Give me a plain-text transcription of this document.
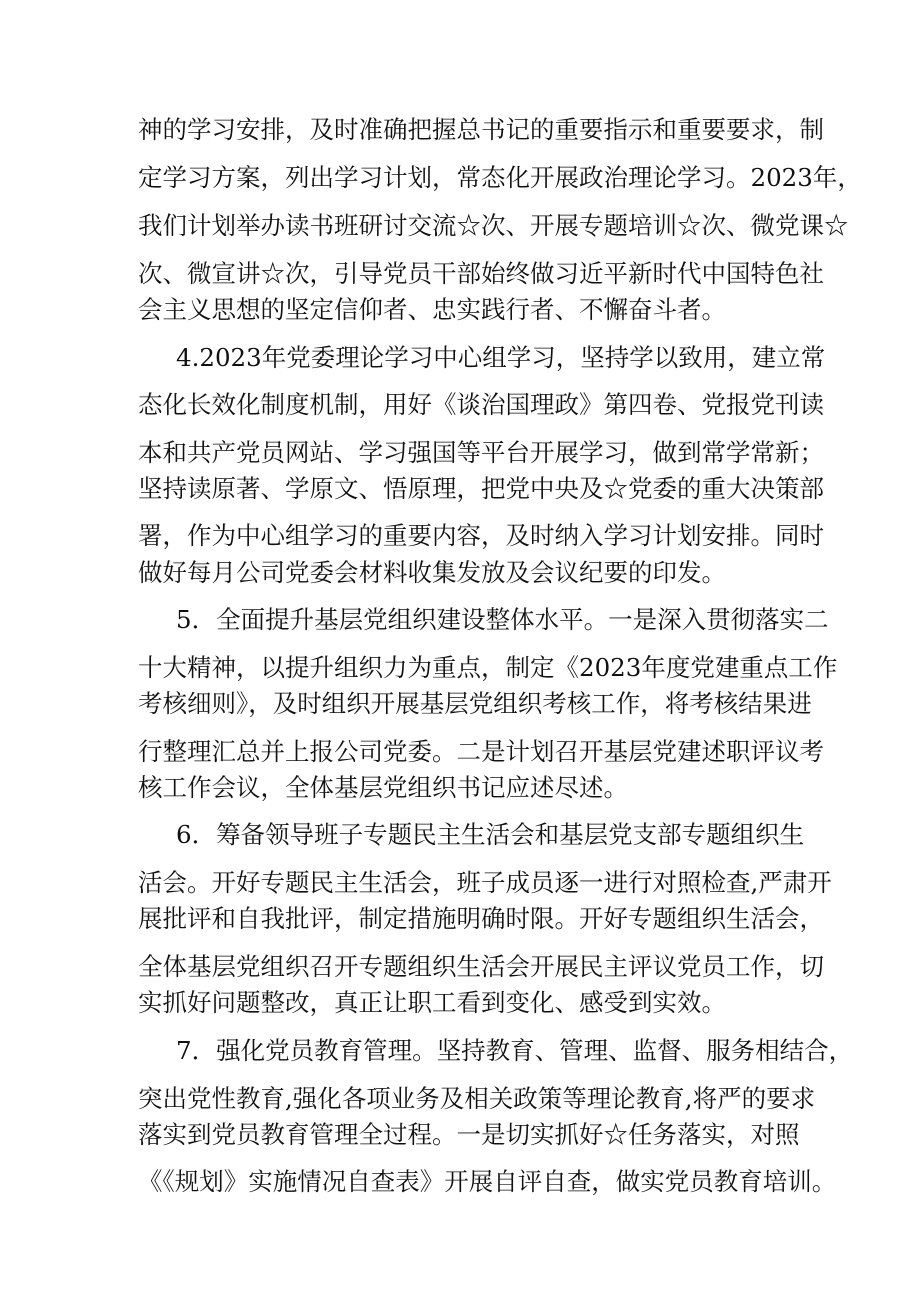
神的学习安排，及时准确把握总书记的重要指示和重要要求，制
定学习方案，列出学习计划，常态化开展政治理论学习。2023年，
我们计划举办读书班研讨交流☆次、开展专题培训☆次、微党课☆
次、微宣讲☆次，引导党员干部始终做习近平新时代中国特色社
会主义思想的坚定信仰者、忠实践行者、不懈奋斗者。
4.2023年党委理论学习中心组学习，坚持学以致用，建立常
态化长效化制度机制，用好《谈治国理政》第四卷、党报党刊读
本和共产党员网站、学习强国等平台开展学习，做到常学常新；
坚持读原著、学原文、悟原理，把党中央及☆党委的重大决策部
署，作为中心组学习的重要内容，及时纳入学习计划安排。同时
做好每月公司党委会材料收集发放及会议纪要的印发。
5．全面提升基层党组织建设整体水平。一是深入贯彻落实二
十大精神，以提升组织力为重点，制定《2023年度党建重点工作
考核细则》，及时组织开展基层党组织考核工作，将考核结果进
行整理汇总并上报公司党委。二是计划召开基层党建述职评议考
核工作会议，全体基层党组织书记应述尽述。
6．筹备领导班子专题民主生活会和基层党支部专题组织生
活会。开好专题民主生活会，班子成员逐一进行对照检查,严肃开
展批评和自我批评，制定措施明确时限。开好专题组织生活会，
全体基层党组织召开专题组织生活会开展民主评议党员工作，切
实抓好问题整改，真正让职工看到变化、感受到实效。
7．强化党员教育管理。坚持教育、管理、监督、服务相结合，
突出党性教育,强化各项业务及相关政策等理论教育,将严的要求
落实到党员教育管理全过程。一是切实抓好☆任务落实，对照
《《规划》实施情况自查表》开展自评自查，做实党员教育培训。
